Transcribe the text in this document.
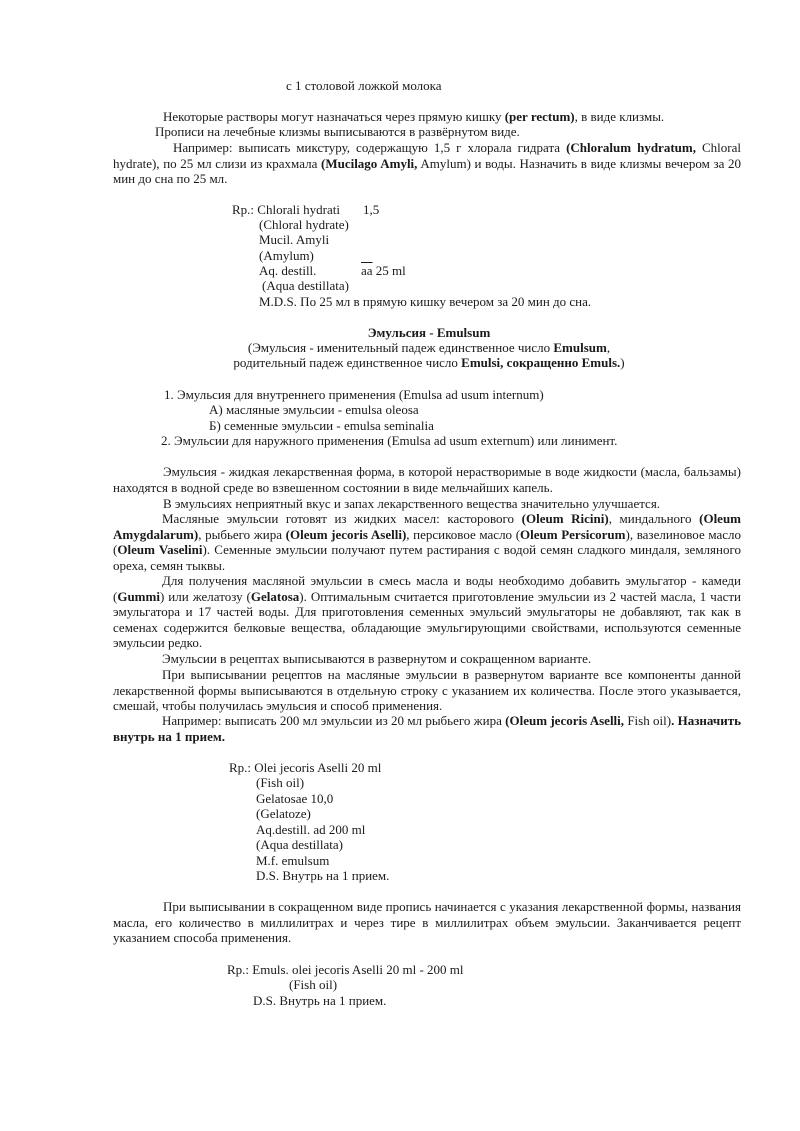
с 1 столовой ложкой молока
Некоторые растворы могут назначаться через прямую кишку (per rectum), в виде клизмы.
Прописи на лечебные клизмы выписываются в развёрнутом виде.
Например: выписать микстуру, содержащую 1,5 г хлорала гидрата (Chloralum hydratum, Chloral hydrate), по 25 мл слизи из крахмала (Mucilago Amyli, Amylum) и воды. Назначить в виде клизмы вечером за 20 мин до сна по 25 мл.
Rp.: Chlorali hydrati 1,5
(Chloral hydrate)
Mucil. Amyli
(Amylum)
Aq. destill.	$\overline{aa}$ 25 ml
(Aqua destillata)
M.D.S. По 25 мл в прямую кишку вечером за 20 мин до сна.
Эмульсия - Emulsum
(Эмульсия - именительный падеж единственное число Emulsum,
родительный падеж единственное число Emulsi, сокращенно Emuls.)
1. Эмульсия для внутреннего применения (Emulsa ad usum internum)
А) масляные эмульсии - emulsa oleosa
Б) семенные эмульсии - emulsa seminalia
2. Эмульсии для наружного применения (Emulsa ad usum externum) или линимент.
Эмульсия - жидкая лекарственная форма, в которой нерастворимые в воде жидкости (масла, бальзамы) находятся в водной среде во взвешенном состоянии в виде мельчайших капель.
В эмульсиях неприятный вкус и запах лекарственного вещества значительно улучшается.
Масляные эмульсии готовят из жидких масел: касторового (Oleum Ricini), миндального (Oleum Amygdalarum), рыбьего жира (Oleum jecoris Aselli), персиковое масло (Oleum Persicorum), вазелиновое масло (Oleum Vaselini). Семенные эмульсии получают путем растирания с водой семян сладкого миндаля, земляного ореха, семян тыквы.
Для получения масляной эмульсии в смесь масла и воды необходимо добавить эмульгатор - камеди (Gummi) или желатозу (Gelatosa). Оптимальным считается приготовление эмульсии из 2 частей масла, 1 части эмульгатора и 17 частей воды. Для приготовления семенных эмульсий эмульгаторы не добавляют, так как в семенах содержится белковые вещества, обладающие эмульгирующими свойствами, используются семенные эмульсии редко.
Эмульсии в рецептах выписываются в развернутом и сокращенном варианте.
При выписывании рецептов на масляные эмульсии в развернутом варианте все компоненты данной лекарственной формы выписываются в отдельную строку с указанием их количества. После этого указывается, смешай, чтобы получилась эмульсия и способ применения.
Например: выписать 200 мл эмульсии из 20 мл рыбьего жира (Oleum jecoris Aselli, Fish oil). Назначить внутрь на 1 прием.
Rp.: Olei jecoris Aselli 20 ml
(Fish oil)
Gelatosae 10,0
(Gelatoze)
Aq.destill. ad 200 ml
(Aqua destillata)
M.f. emulsum
D.S. Внутрь на 1 прием.
При выписывании в сокращенном виде пропись начинается с указания лекарственной формы, названия масла, его количество в миллилитрах и через тире в миллилитрах объем эмульсии. Заканчивается рецепт указанием способа применения.
Rp.: Emuls. olei jecoris Aselli 20 ml - 200 ml
(Fish oil)
D.S. Внутрь на 1 прием.
